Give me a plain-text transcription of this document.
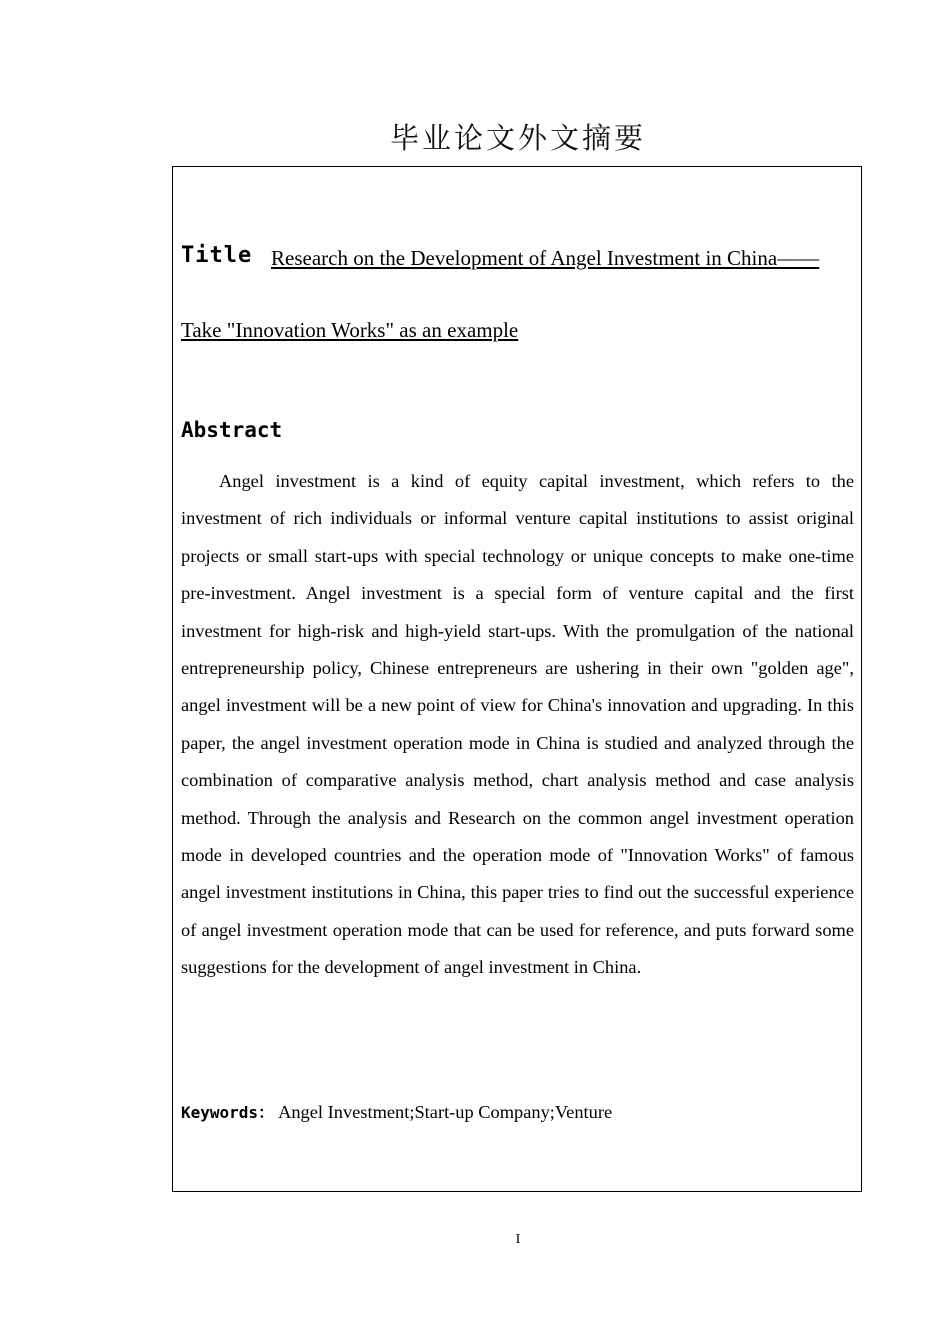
毕业论文外文摘要
Title Research on the Development of Angel Investment in China——
Take "Innovation Works" as an example
Abstract

Angel investment is a kind of equity capital investment, which refers to the investment of rich individuals or informal venture capital institutions to assist original projects or small start-ups with special technology or unique concepts to make one-time pre-investment. Angel investment is a special form of venture capital and the first investment for high-risk and high-yield start-ups. With the promulgation of the national entrepreneurship policy, Chinese entrepreneurs are ushering in their own "golden age", angel investment will be a new point of view for China's innovation and upgrading. In this paper, the angel investment operation mode in China is studied and analyzed through the combination of comparative analysis method, chart analysis method and case analysis method. Through the analysis and Research on the common angel investment operation mode in developed countries and the operation mode of "Innovation Works" of famous angel investment institutions in China, this paper tries to find out the successful experience of angel investment operation mode that can be used for reference, and puts forward some suggestions for the development of angel investment in China.

Keywords： Angel Investment;Start-up Company;Venture
I
